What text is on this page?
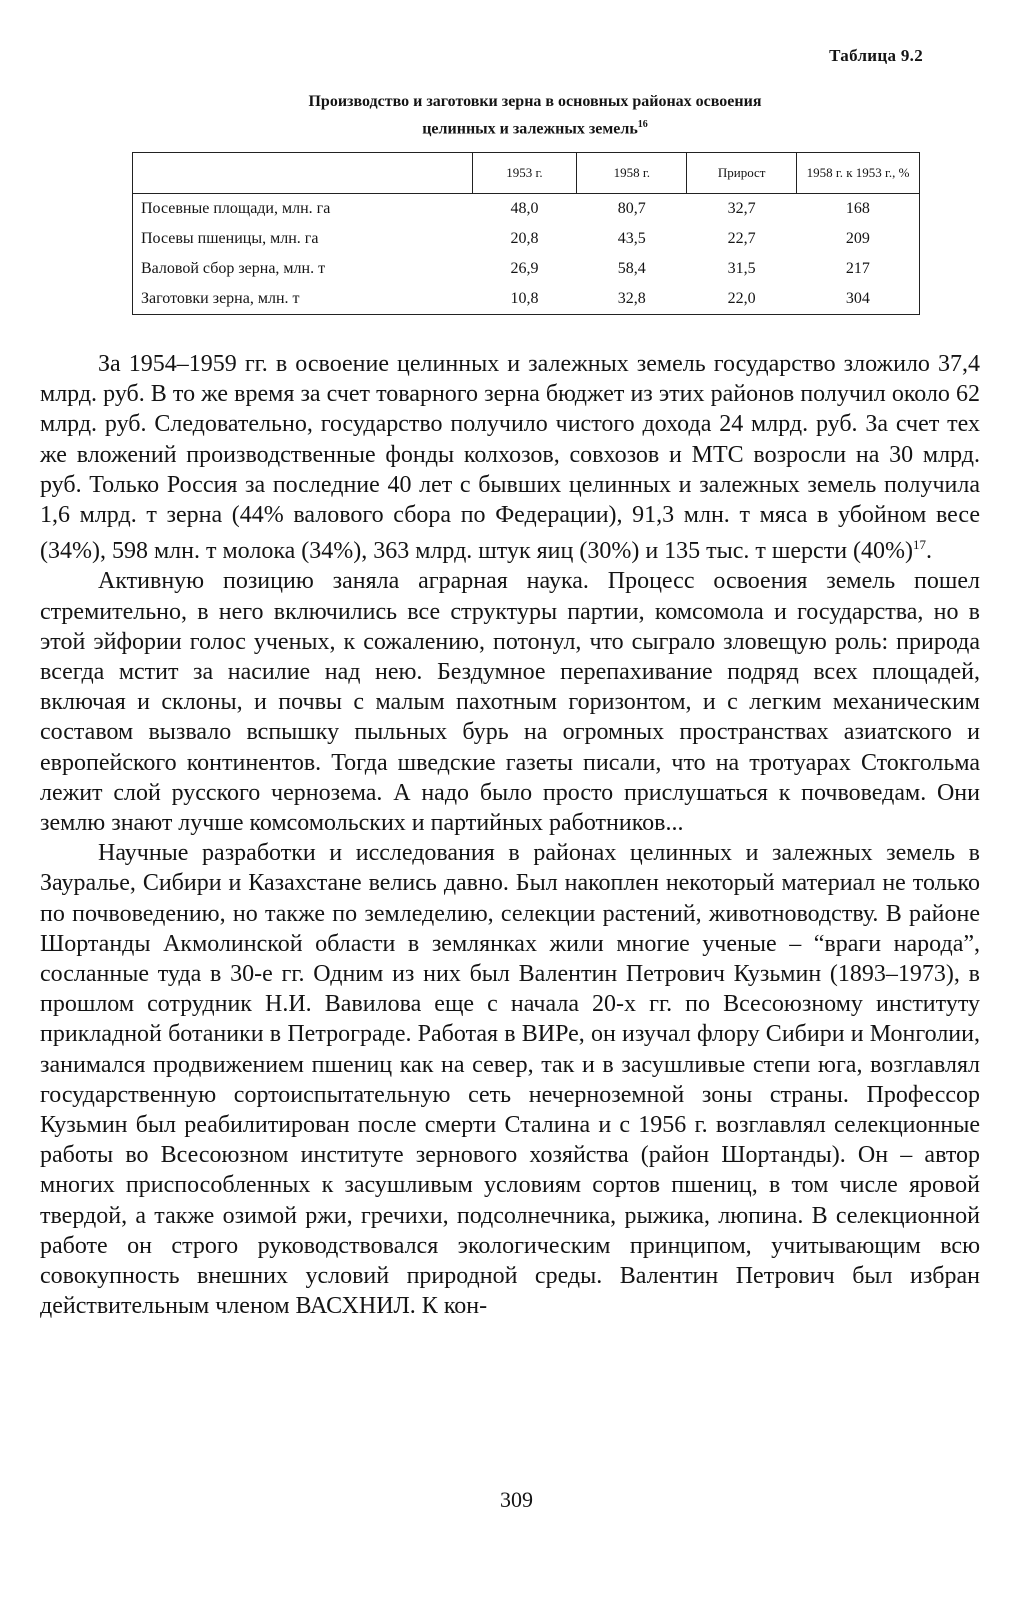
Таблица 9.2
Производство и заготовки зерна в основных районах освоения
целинных и залежных земель$^{16}$
	1953 г.	1958 г.	Прирост	1958 г. к 1953 г., %
Посевные площади, млн. га	48,0	80,7	32,7	168
Посевы пшеницы, млн. га	20,8	43,5	22,7	209
Валовой сбор зерна, млн. т	26,9	58,4	31,5	217
Заготовки зерна, млн. т	10,8	32,8	22,0	304

За 1954–1959 гг. в освоение целинных и залежных земель государство зложило 37,4 млрд. руб. В то же время за счет товарного зерна бюджет из этих районов получил около 62 млрд. руб. Следовательно, государство получило чистого дохода 24 млрд. руб. За счет тех же вложений производственные фонды колхозов, совхозов и МТС возросли на 30 млрд. руб. Только Россия за последние 40 лет с бывших целинных и залежных земель получила 1,6 млрд. т зерна (44% валового сбора по Федерации), 91,3 млн. т мяса в убойном весе (34%), 598 млн. т молока (34%), 363 млрд. штук яиц (30%) и 135 тыс. т шерсти $(40\%)^{17}$.

Активную позицию заняла аграрная наука. Процесс освоения земель пошел стремительно, в него включились все структуры партии, комсомола и государства, но в этой эйфории голос ученых, к сожалению, потонул, что сыграло зловещую роль: природа всегда мстит за насилие над нею. Бездумное перепахивание подряд всех площадей, включая и склоны, и почвы с малым пахотным горизонтом, и с легким механическим составом вызвало вспышку пыльных бурь на огромных пространствах азиатского и европейского континентов. Тогда шведские газеты писали, что на тротуарах Стокгольма лежит слой русского чернозема. А надо было просто прислушаться к почвоведам. Они землю знают лучше комсомольских и партийных работников...

Научные разработки и исследования в районах целинных и залежных земель в Зауралье, Сибири и Казахстане велись давно. Был накоплен некоторый материал не только по почвоведению, но также по земледелию, селекции растений, животноводству. В районе Шортанды Акмолинской области в землянках жили многие ученые – “враги народа”, сосланные туда в 30-е гг. Одним из них был Валентин Петрович Кузьмин (1893–1973), в прошлом сотрудник Н.И. Вавилова еще с начала 20-х гг. по Всесоюзному институту прикладной ботаники в Петрограде. Работая в ВИРе, он изучал флору Сибири и Монголии, занимался продвижением пшениц как на север, так и в засушливые степи юга, возглавлял государственную сортоиспытательную сеть нечерноземной зоны страны. Профессор Кузьмин был реабилитирован после смерти Сталина и с 1956 г. возглавлял селекционные работы во Всесоюзном институте зернового хозяйства (район Шортанды). Он – автор многих приспособленных к засушливым условиям сортов пшениц, в том числе яровой твердой, а также озимой ржи, гречихи, подсолнечника, рыжика, люпина. В селекционной работе он строго руководствовался экологическим принципом, учитывающим всю совокупность внешних условий природной среды. Валентин Петрович был избран действительным членом ВАСХНИЛ. К кон-

309
